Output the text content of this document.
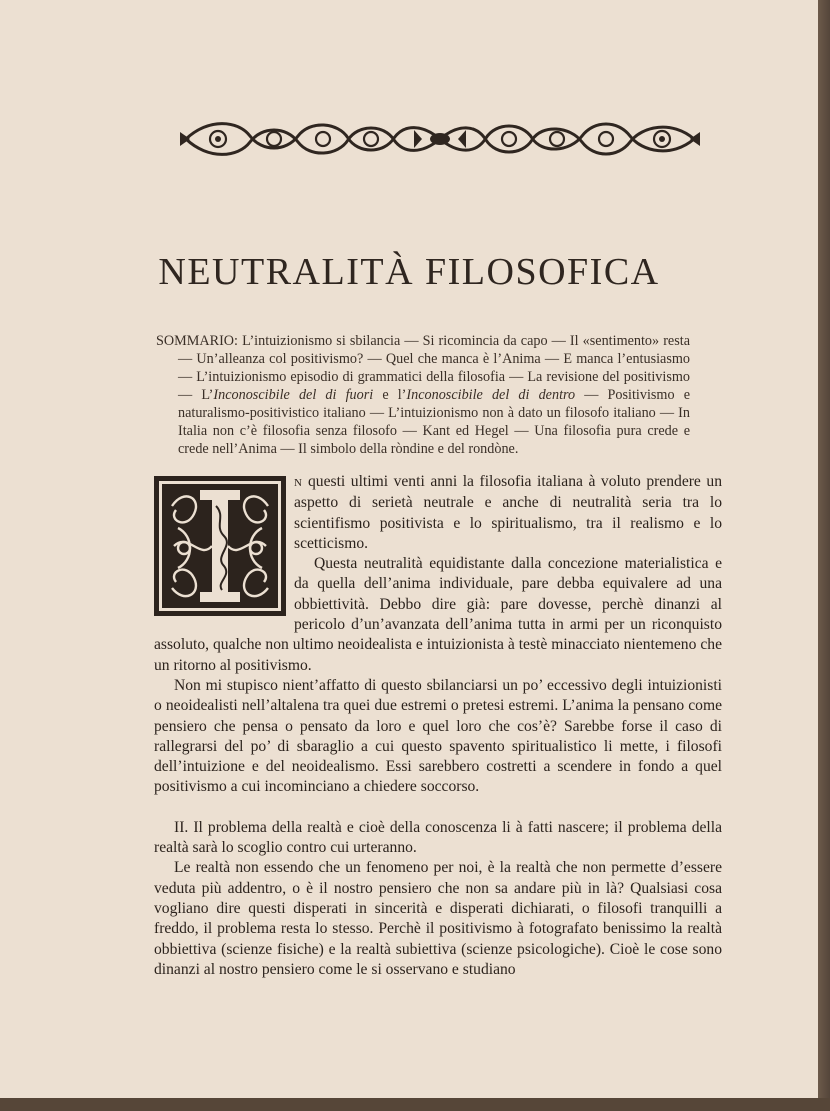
NEUTRALITÀ FILOSOFICA
SOMMARIO: L’intuizionismo si sbilancia — Si ricomincia da capo — Il «sentimento» resta — Un’alleanza col positivismo? — Quel che manca è l’Anima — E manca l’entusiasmo — L’intuizionismo episodio di grammatici della filosofia — La revisione del positivismo — L’Inconoscibile del di fuori e l’Inconoscibile del di dentro — Positivismo e naturalismo-positivistico italiano — L’intuizionismo non à dato un filosofo italiano — In Italia non c’è filosofia senza filosofo — Kant ed Hegel — Una filosofia pura crede e crede nell’Anima — Il simbolo della ròndine e del rondòne.
I

N questi ultimi venti anni la filosofia italiana à voluto prendere un aspetto di serietà neutrale e anche di neutralità seria tra lo scientifismo positivista e lo spiritualismo, tra il realismo e lo scetticismo.

Questa neutralità equidistante dalla concezione materialistica e da quella dell’anima individuale, pare debba equivalere ad una obbiettività. Debbo dire già: pare dovesse, perchè dinanzi al pericolo d’un’avanzata dell’anima tutta in armi per un riconquisto assoluto, qualche non ultimo neoidealista e intuizionista à testè minacciato nientemeno che un ritorno al positivismo.

Non mi stupisco nient’affatto di questo sbilanciarsi un po’ eccessivo degli intuizionisti o neoidealisti nell’altalena tra quei due estremi o pretesi estremi. L’anima la pensano come pensiero che pensa o pensato da loro e quel loro che cos’è? Sarebbe forse il caso di rallegrarsi del po’ di sbaraglio a cui questo spavento spiritualistico li mette, i filosofi dell’intuizione e del neoidealismo. Essi sarebbero costretti a scendere in fondo a quel positivismo a cui incominciano a chiedere soccorso.

II. Il problema della realtà e cioè della conoscenza li à fatti nascere; il problema della realtà sarà lo scoglio contro cui urteranno.

Le realtà non essendo che un fenomeno per noi, è la realtà che non permette d’essere veduta più addentro, o è il nostro pensiero che non sa andare più in là? Qualsiasi cosa vogliano dire questi disperati in sincerità e disperati dichiarati, o filosofi tranquilli a freddo, il problema resta lo stesso. Perchè il positivismo à fotografato benissimo la realtà obbiettiva (scienze fisiche) e la realtà subiettiva (scienze psicologiche). Cioè le cose sono dinanzi al nostro pensiero come le si osservano e studiano
